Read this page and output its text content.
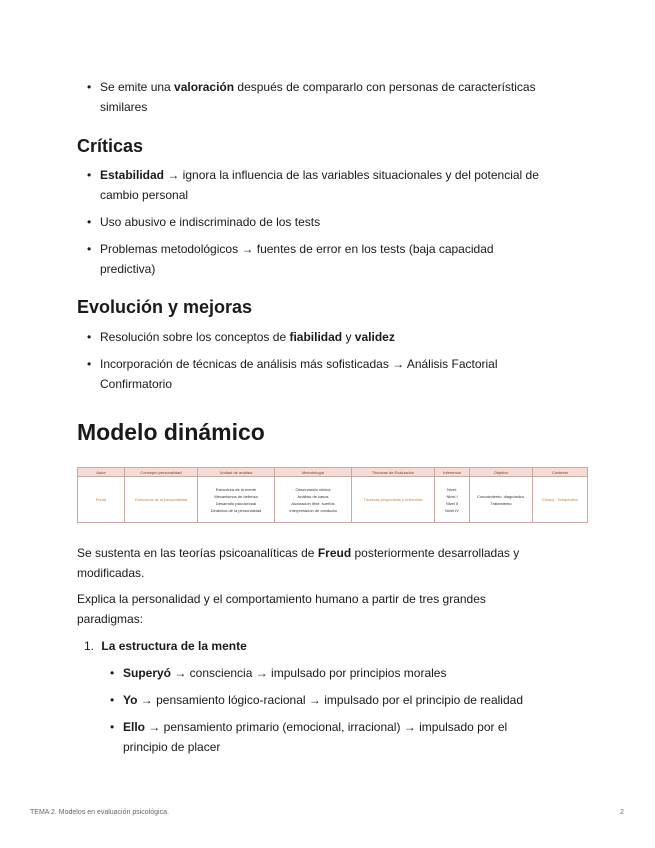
• Se emite una valoración después de compararlo con personas de características
similares
Críticas
• Estabilidad → ignora la influencia de las variables situacionales y del potencial de
cambio personal
• Uso abusivo e indiscriminado de los tests
• Problemas metodológicos → fuentes de error en los tests (baja capacidad
predictiva)
Evolución y mejoras
• Resolución sobre los conceptos de fiabilidad y validez
• Incorporación de técnicas de análisis más sofisticadas → Análisis Factorial
Confirmatorio
Modelo dinámico
Autor	Concepto personalidad	Unidad de análisis	Metodología	Técnicas de Evaluación	Inferencia	Objetivo	Contexto
Freud	Estructura de la personalidad	Estructura de la mente
Mecanismos de defensa
Desarrollo psicosexual
Dinámica de la personalidad	Observación clínica
Análisis de casos
Asociación libre, sueños
Interpretación de conducta	Técnicas proyectivas y entrevista	Nivel:
Nivel I
Nivel II
Nivel IV	Conocimiento, diagnóstico,
Tratamiento	Clínico · Terapéutico

Se sustenta en las teorías psicoanalíticas de Freud posteriormente desarrolladas y
modificadas.

Explica la personalidad y el comportamiento humano a partir de tres grandes
paradigmas:

1. La estructura de la mente
• Superyó → consciencia → impulsado por principios morales
• Yo → pensamiento lógico-racional → impulsado por el principio de realidad
• Ello → pensamiento primario (emocional, irracional) → impulsado por el
principio de placer
TEMA 2. Modelos en evaluación psicológica.	2
